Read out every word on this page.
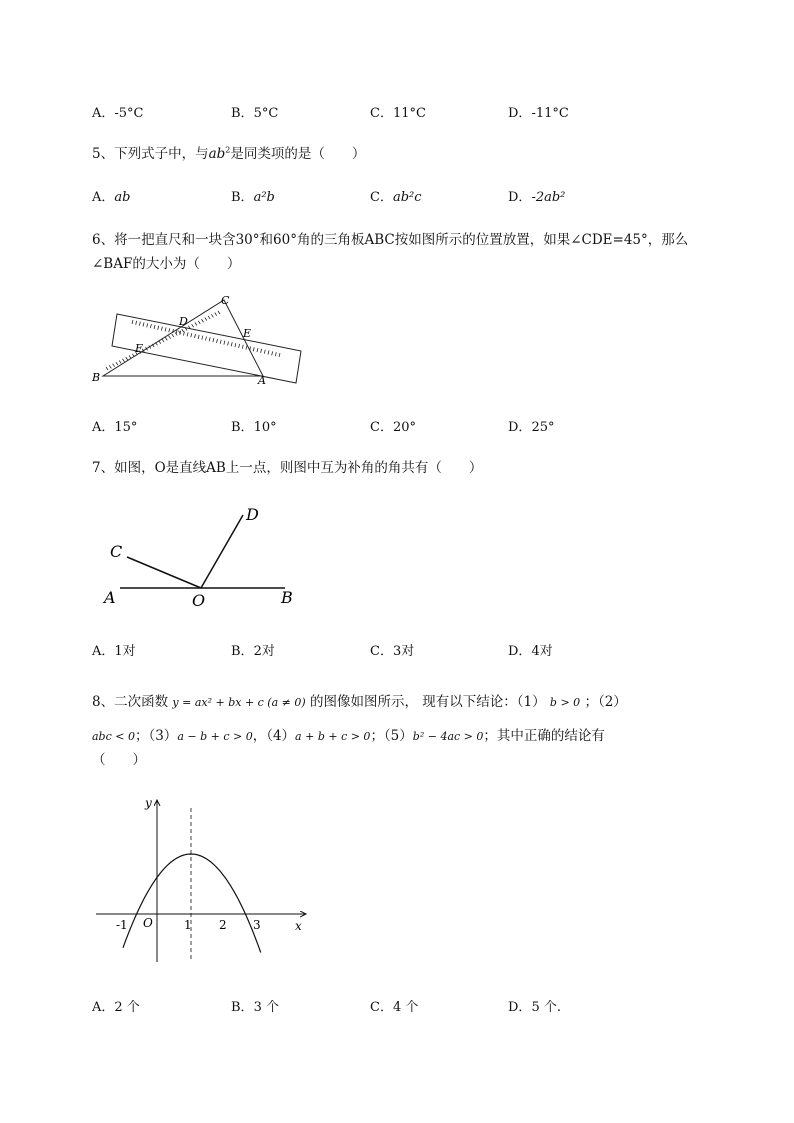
A．-5°C	B．5°C	C．11°C	D．-11°C
5、下列式子中，与$ab^2$是同类项的是（　　）
A．ab	B．a²b	C．ab²c	D．-2ab²
6、将一把直尺和一块含30°和60°角的三角板ABC按如图所示的位置放置，如果∠CDE=45°，那么
∠BAF的大小为（　　）
C
D
E
F
B	A
A．15°	B．10°	C．20°	D．25°
7、如图，O是直线AB上一点，则图中互为补角的角共有（　　）
C
D
A	O	B
A．1对	B．2对	C．3对	D．4对
8、二次函数 y = ax² + bx + c (a ≠ 0) 的图像如图所示， 现有以下结论：（1） b > 0 ；（2）
abc < 0；（3）a − b + c > 0，（4）a + b + c > 0；（5）b² − 4ac > 0；其中正确的结论有
（　　）
y
x
O
-1	1 2 3
A．2 个	B．3 个	C．4 个	D．5 个.
